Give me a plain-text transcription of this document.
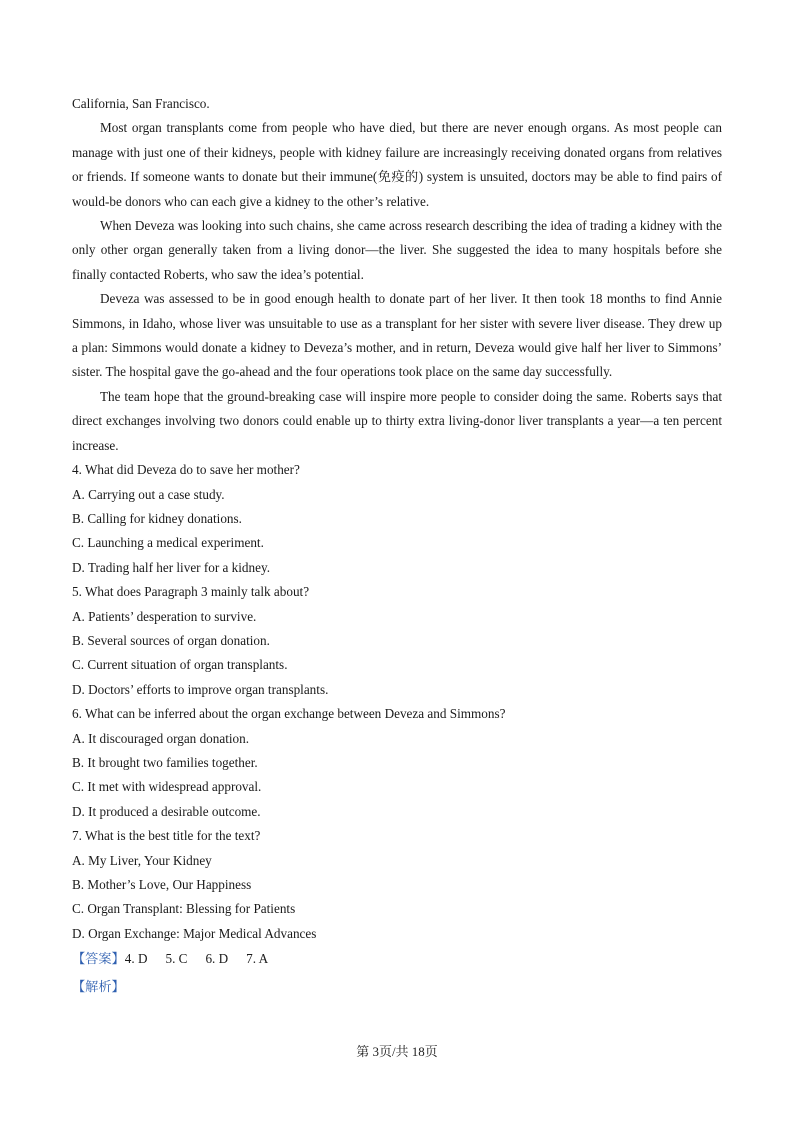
California, San Francisco.

Most organ transplants come from people who have died, but there are never enough organs. As most people can manage with just one of their kidneys, people with kidney failure are increasingly receiving donated organs from relatives or friends. If someone wants to donate but their immune(免疫的) system is unsuited, doctors may be able to find pairs of would-be donors who can each give a kidney to the other’s relative.

When Deveza was looking into such chains, she came across research describing the idea of trading a kidney with the only other organ generally taken from a living donor—the liver. She suggested the idea to many hospitals before she finally contacted Roberts, who saw the idea’s potential.

Deveza was assessed to be in good enough health to donate part of her liver. It then took 18 months to find Annie Simmons, in Idaho, whose liver was unsuitable to use as a transplant for her sister with severe liver disease. They drew up a plan: Simmons would donate a kidney to Deveza’s mother, and in return, Deveza would give half her liver to Simmons’ sister. The hospital gave the go-ahead and the four operations took place on the same day successfully.

The team hope that the ground-breaking case will inspire more people to consider doing the same. Roberts says that direct exchanges involving two donors could enable up to thirty extra living-donor liver transplants a year—a ten percent increase.

4. What did Deveza do to save her mother?
A. Carrying out a case study.
B. Calling for kidney donations.
C. Launching a medical experiment.
D. Trading half her liver for a kidney.
5. What does Paragraph 3 mainly talk about?
A. Patients’ desperation to survive.
B. Several sources of organ donation.
C. Current situation of organ transplants.
D. Doctors’ efforts to improve organ transplants.
6. What can be inferred about the organ exchange between Deveza and Simmons?
A. It discouraged organ donation.
B. It brought two families together.
C. It met with widespread approval.
D. It produced a desirable outcome.
7. What is the best title for the text?
A. My Liver, Your Kidney
B. Mother’s Love, Our Happiness
C. Organ Transplant: Blessing for Patients
D. Organ Exchange: Major Medical Advances
【答案】4. D 5. C 6. D 7. A
【解析】
第 3页/共 18页
